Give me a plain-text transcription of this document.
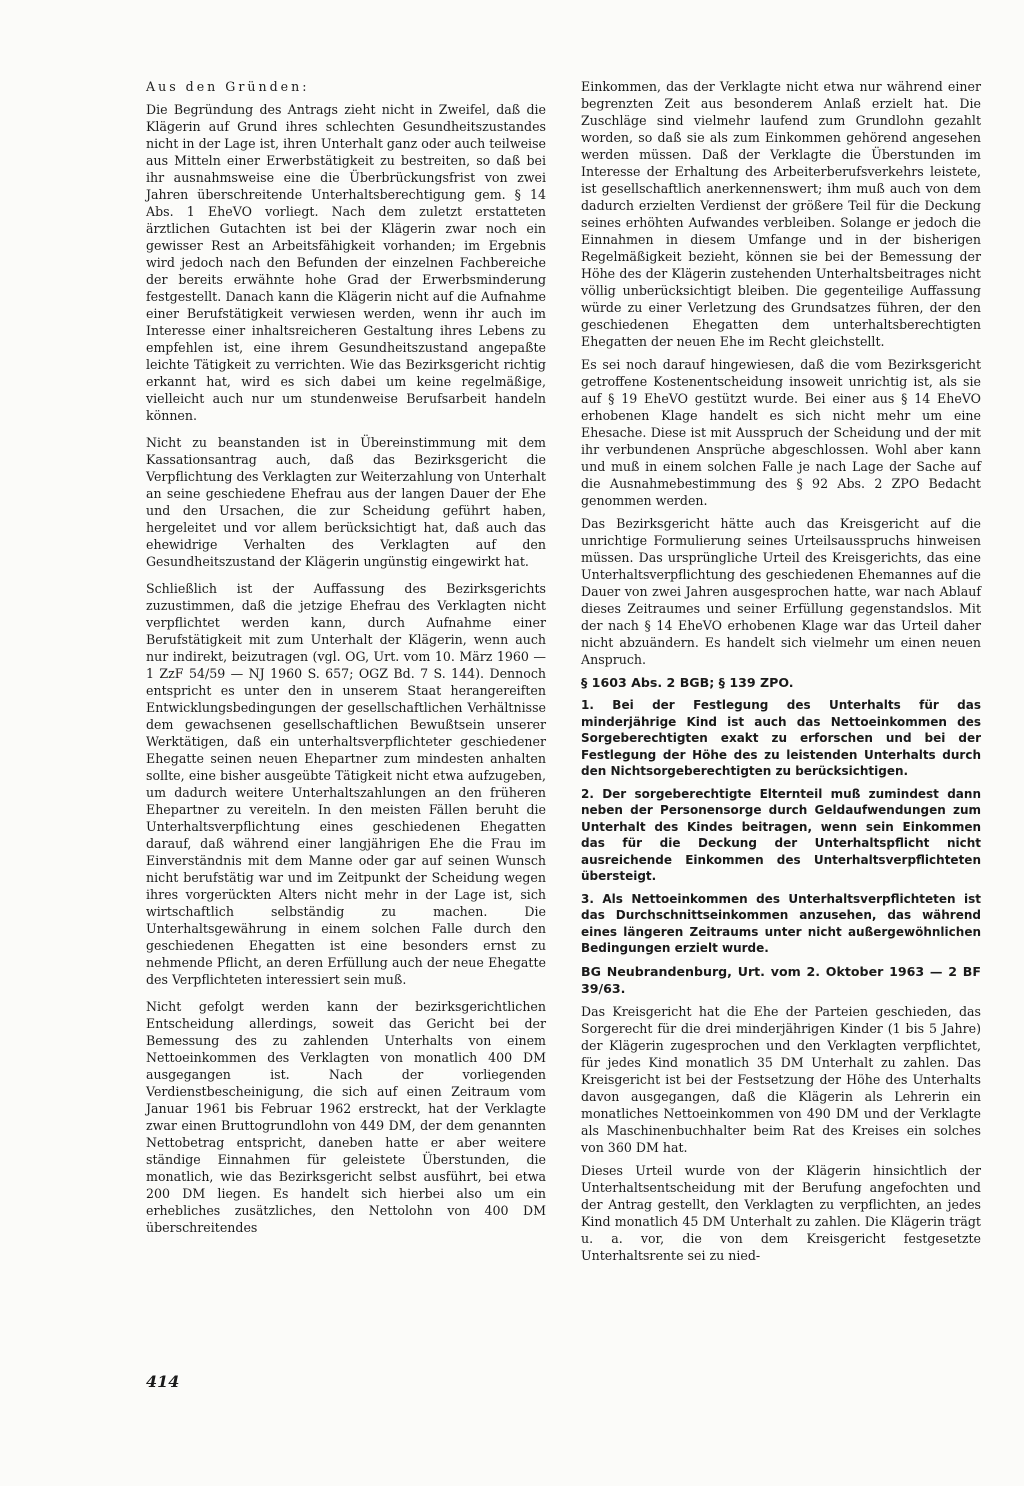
Aus den Gründen:

Die Begründung des Antrags zieht nicht in Zweifel, daß die Klägerin auf Grund ihres schlechten Gesundheitszustandes nicht in der Lage ist, ihren Unterhalt ganz oder auch teilweise aus Mitteln einer Erwerbstätigkeit zu bestreiten, so daß bei ihr ausnahmsweise eine die Überbrückungsfrist von zwei Jahren überschreitende Unterhaltsberechtigung gem. § 14 Abs. 1 EheVO vorliegt. Nach dem zuletzt erstatteten ärztlichen Gutachten ist bei der Klägerin zwar noch ein gewisser Rest an Arbeitsfähigkeit vorhanden; im Ergebnis wird jedoch nach den Befunden der einzelnen Fachbereiche der bereits erwähnte hohe Grad der Erwerbsminderung festgestellt. Danach kann die Klägerin nicht auf die Aufnahme einer Berufstätigkeit verwiesen werden, wenn ihr auch im Interesse einer inhaltsreicheren Gestaltung ihres Lebens zu empfehlen ist, eine ihrem Gesundheitszustand angepaßte leichte Tätigkeit zu verrichten. Wie das Bezirksgericht richtig erkannt hat, wird es sich dabei um keine regelmäßige, vielleicht auch nur um stundenweise Berufsarbeit handeln können.

Nicht zu beanstanden ist in Übereinstimmung mit dem Kassationsantrag auch, daß das Bezirksgericht die Verpflichtung des Verklagten zur Weiterzahlung von Unterhalt an seine geschiedene Ehefrau aus der langen Dauer der Ehe und den Ursachen, die zur Scheidung geführt haben, hergeleitet und vor allem berücksichtigt hat, daß auch das ehewidrige Verhalten des Verklagten auf den Gesundheitszustand der Klägerin ungünstig eingewirkt hat.

Schließlich ist der Auffassung des Bezirksgerichts zuzustimmen, daß die jetzige Ehefrau des Verklagten nicht verpflichtet werden kann, durch Aufnahme einer Berufstätigkeit mit zum Unterhalt der Klägerin, wenn auch nur indirekt, beizutragen (vgl. OG, Urt. vom 10. März 1960 — 1 ZzF 54/59 — NJ 1960 S. 657; OGZ Bd. 7 S. 144). Dennoch entspricht es unter den in unserem Staat herangereiften Entwicklungsbedingungen der gesellschaftlichen Verhältnisse dem gewachsenen gesellschaftlichen Bewußtsein unserer Werktätigen, daß ein unterhaltsverpflichteter geschiedener Ehegatte seinen neuen Ehepartner zum mindesten anhalten sollte, eine bisher ausgeübte Tätigkeit nicht etwa aufzugeben, um dadurch weitere Unterhaltszahlungen an den früheren Ehepartner zu vereiteln. In den meisten Fällen beruht die Unterhaltsverpflichtung eines geschiedenen Ehegatten darauf, daß während einer langjährigen Ehe die Frau im Einverständnis mit dem Manne oder gar auf seinen Wunsch nicht berufstätig war und im Zeitpunkt der Scheidung wegen ihres vorgerückten Alters nicht mehr in der Lage ist, sich wirtschaftlich selbständig zu machen. Die Unterhaltsgewährung in einem solchen Falle durch den geschiedenen Ehegatten ist eine besonders ernst zu nehmende Pflicht, an deren Erfüllung auch der neue Ehegatte des Verpflichteten interessiert sein muß.

Nicht gefolgt werden kann der bezirksgerichtlichen Entscheidung allerdings, soweit das Gericht bei der Bemessung des zu zahlenden Unterhalts von einem Nettoeinkommen des Verklagten von monatlich 400 DM ausgegangen ist. Nach der vorliegenden Verdienstbescheinigung, die sich auf einen Zeitraum vom Januar 1961 bis Februar 1962 erstreckt, hat der Verklagte zwar einen Bruttogrundlohn von 449 DM, der dem genannten Nettobetrag entspricht, daneben hatte er aber weitere ständige Einnahmen für geleistete Überstunden, die monatlich, wie das Bezirksgericht selbst ausführt, bei etwa 200 DM liegen. Es handelt sich hierbei also um ein erhebliches zusätzliches, den Nettolohn von 400 DM überschreitendes

Einkommen, das der Verklagte nicht etwa nur während einer begrenzten Zeit aus besonderem Anlaß erzielt hat. Die Zuschläge sind vielmehr laufend zum Grundlohn gezahlt worden, so daß sie als zum Einkommen gehörend angesehen werden müssen. Daß der Verklagte die Überstunden im Interesse der Erhaltung des Arbeiterberufsverkehrs leistete, ist gesellschaftlich anerkennenswert; ihm muß auch von dem dadurch erzielten Verdienst der größere Teil für die Deckung seines erhöhten Aufwandes verbleiben. Solange er jedoch die Einnahmen in diesem Umfange und in der bisherigen Regelmäßigkeit bezieht, können sie bei der Bemessung der Höhe des der Klägerin zustehenden Unterhaltsbeitrages nicht völlig unberücksichtigt bleiben. Die gegenteilige Auffassung würde zu einer Verletzung des Grundsatzes führen, der den geschiedenen Ehegatten dem unterhaltsberechtigten Ehegatten der neuen Ehe im Recht gleichstellt.

Es sei noch darauf hingewiesen, daß die vom Bezirksgericht getroffene Kostenentscheidung insoweit unrichtig ist, als sie auf § 19 EheVO gestützt wurde. Bei einer aus § 14 EheVO erhobenen Klage handelt es sich nicht mehr um eine Ehesache. Diese ist mit Ausspruch der Scheidung und der mit ihr verbundenen Ansprüche abgeschlossen. Wohl aber kann und muß in einem solchen Falle je nach Lage der Sache auf die Ausnahmebestimmung des § 92 Abs. 2 ZPO Bedacht genommen werden.

Das Bezirksgericht hätte auch das Kreisgericht auf die unrichtige Formulierung seines Urteilsausspruchs hinweisen müssen. Das ursprüngliche Urteil des Kreisgerichts, das eine Unterhaltsverpflichtung des geschiedenen Ehemannes auf die Dauer von zwei Jahren ausgesprochen hatte, war nach Ablauf dieses Zeitraumes und seiner Erfüllung gegenstandslos. Mit der nach § 14 EheVO erhobenen Klage war das Urteil daher nicht abzuändern. Es handelt sich vielmehr um einen neuen Anspruch.

§ 1603 Abs. 2 BGB; § 139 ZPO.

1. Bei der Festlegung des Unterhalts für das minderjährige Kind ist auch das Nettoeinkommen des Sorgeberechtigten exakt zu erforschen und bei der Festlegung der Höhe des zu leistenden Unterhalts durch den Nichtsorgeberechtigten zu berücksichtigen.

2. Der sorgeberechtigte Elternteil muß zumindest dann neben der Personensorge durch Geldaufwendungen zum Unterhalt des Kindes beitragen, wenn sein Einkommen das für die Deckung der Unterhaltspflicht nicht ausreichende Einkommen des Unterhaltsverpflichteten übersteigt.

3. Als Nettoeinkommen des Unterhaltsverpflichteten ist das Durchschnittseinkommen anzusehen, das während eines längeren Zeitraums unter nicht außergewöhnlichen Bedingungen erzielt wurde.

BG Neubrandenburg, Urt. vom 2. Oktober 1963 — 2 BF 39/63.

Das Kreisgericht hat die Ehe der Parteien geschieden, das Sorgerecht für die drei minderjährigen Kinder (1 bis 5 Jahre) der Klägerin zugesprochen und den Verklagten verpflichtet, für jedes Kind monatlich 35 DM Unterhalt zu zahlen. Das Kreisgericht ist bei der Festsetzung der Höhe des Unterhalts davon ausgegangen, daß die Klägerin als Lehrerin ein monatliches Nettoeinkommen von 490 DM und der Verklagte als Maschinenbuchhalter beim Rat des Kreises ein solches von 360 DM hat.

Dieses Urteil wurde von der Klägerin hinsichtlich der Unterhaltsentscheidung mit der Berufung angefochten und der Antrag gestellt, den Verklagten zu verpflichten, an jedes Kind monatlich 45 DM Unterhalt zu zahlen. Die Klägerin trägt u. a. vor, die von dem Kreisgericht festgesetzte Unterhaltsrente sei zu nied-

414
